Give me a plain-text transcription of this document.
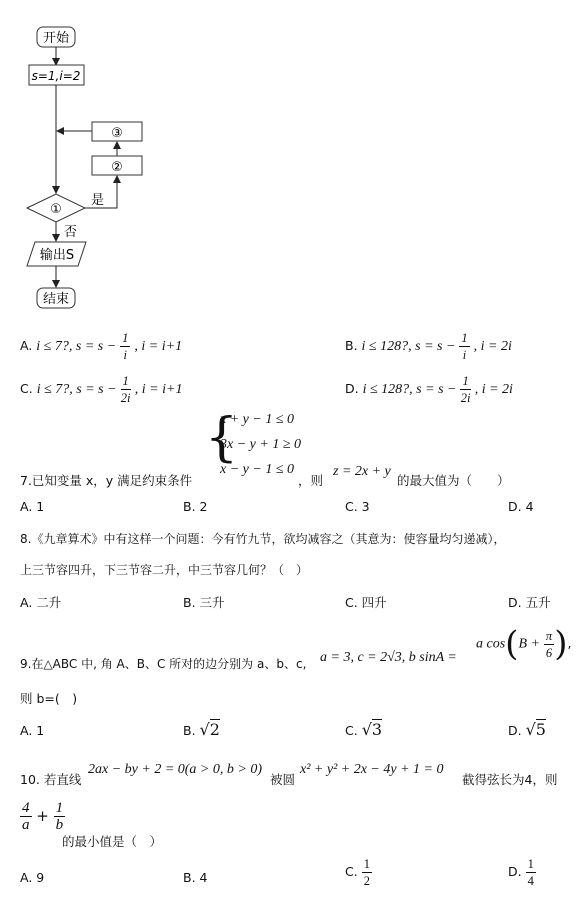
开始
s=1,i=2
③
②
①
是
否
输出S
结束
A. i ≤ 7?, $s = s - \frac{1}{i}$ , i = i+1	B. i ≤ 128?, $s = s - \frac{1}{i}$ , i = 2i
C. i ≤ 7?, $s = s - \frac{1}{2i}$ , i = i+1	D. i ≤ 128?, $s = s - \frac{1}{2i}$ , i = 2i
{
x + y − 1 ≤ 0
3x − y + 1 ≥ 0
x − y − 1 ≤ 0
7.已知变量 x，y 满足约束条件	，则
z = 2x + y
的最大值为（　　）
A. 1	B. 2	C. 3	D. 4
8.《九章算术》中有这样一个问题：今有竹九节，欲均减容之（其意为：使容量均匀递减），
上三节容四升，下三节容二升，中三节容几何？（　）
A. 二升	B. 三升	C. 四升	D. 五升
9.在△ABC 中, 角 A、B、C 所对的边分别为 a、b、c, a = 3, c = 2√3, b sinA =
a $\cos(B + \frac{\pi}{6}$ ),
则 b=(　)
A. 1	B. √2	C. √3	D. √5
10. 若直线
2ax − by + 2 = 0(a > 0, b > 0)
被圆
x² + y² + 2x − 4y + 1 = 0
截得弦长为4，则
$\frac{4}{a} + \frac{1}{b}$
的最小值是（　）
A. 9	B. 4	C. $\frac{1}{2}$	D. $\frac{1}{4}$
